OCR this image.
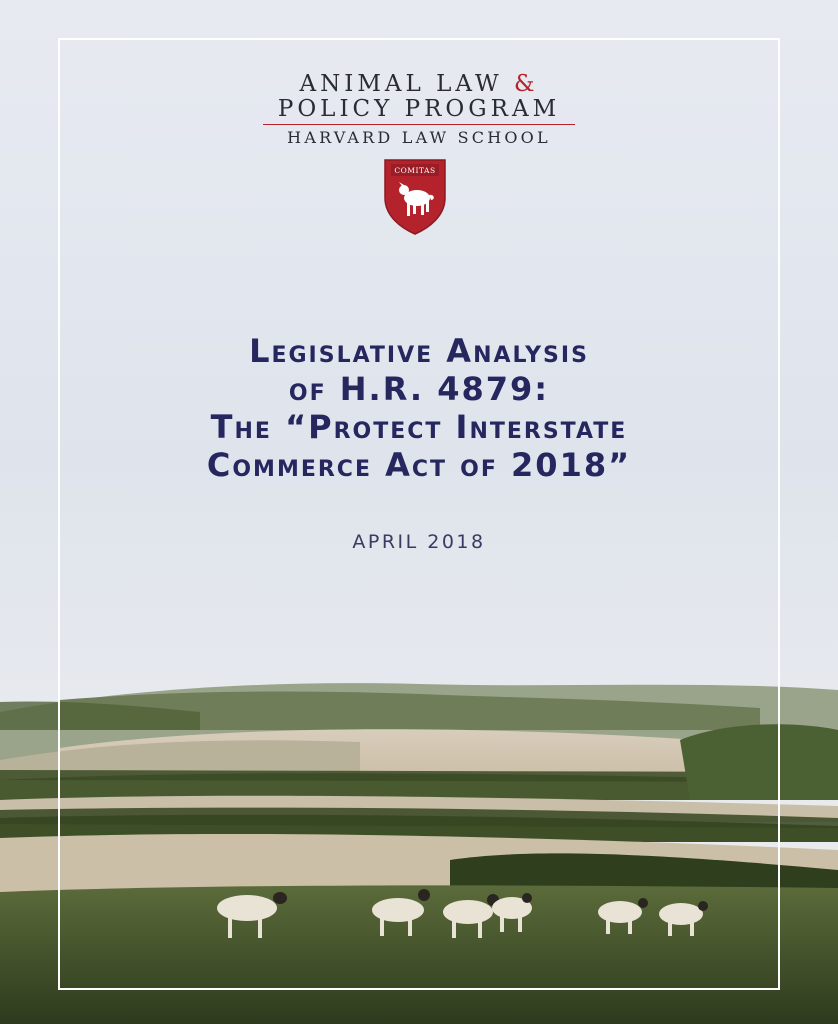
ANIMAL LAW &
POLICY PROGRAM
HARVARD LAW SCHOOL
COMITAS
Legislative Analysis
of H.R. 4879:
The “Protect Interstate
Commerce Act of 2018”
APRIL 2018
